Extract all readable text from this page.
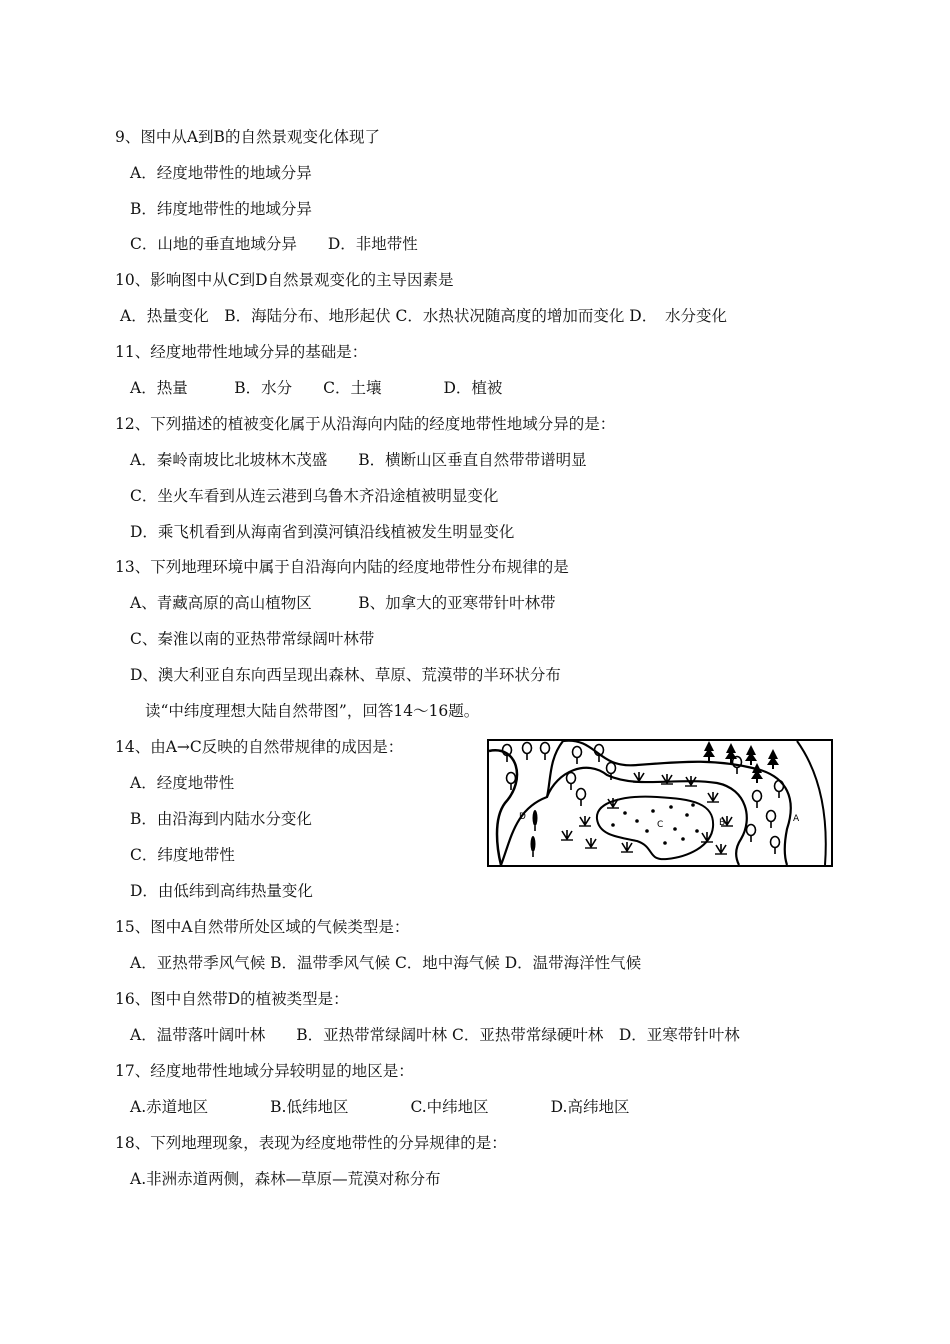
9、图中从A到B的自然景观变化体现了
A．经度地带性的地域分异
B．纬度地带性的地域分异
C．山地的垂直地域分异　　D．非地带性
10、影响图中从C到D自然景观变化的主导因素是
A．热量变化　B．海陆分布、地形起伏 C．水热状况随高度的增加而变化 D．　水分变化
11、经度地带性地域分异的基础是：
A．热量　　　B．水分　　C．土壤　　　　D．植被
12、下列描述的植被变化属于从沿海向内陆的经度地带性地域分异的是：
A．秦岭南坡比北坡林木茂盛　　B．横断山区垂直自然带带谱明显
C．坐火车看到从连云港到乌鲁木齐沿途植被明显变化
D．乘飞机看到从海南省到漠河镇沿线植被发生明显变化
13、下列地理环境中属于自沿海向内陆的经度地带性分布规律的是
A、青藏高原的高山植物区　　　B、加拿大的亚寒带针叶林带
C、秦淮以南的亚热带常绿阔叶林带
D、澳大利亚自东向西呈现出森林、草原、荒漠带的半环状分布
读“中纬度理想大陆自然带图”，回答14～16题。
14、由A→C反映的自然带规律的成因是：
A．经度地带性
B．由沿海到内陆水分变化
C．纬度地带性
D．由低纬到高纬热量变化
D
C	B	A
15、图中A自然带所处区域的气候类型是：
A．亚热带季风气候 B．温带季风气候 C．地中海气候 D．温带海洋性气候
16、图中自然带D的植被类型是：
A．温带落叶阔叶林　　B．亚热带常绿阔叶林 C．亚热带常绿硬叶林　D．亚寒带针叶林
17、经度地带性地域分异较明显的地区是：
A.赤道地区　　　　B.低纬地区　　　　C.中纬地区　　　　D.高纬地区
18、下列地理现象，表现为经度地带性的分异规律的是：
A.非洲赤道两侧，森林—草原—荒漠对称分布
